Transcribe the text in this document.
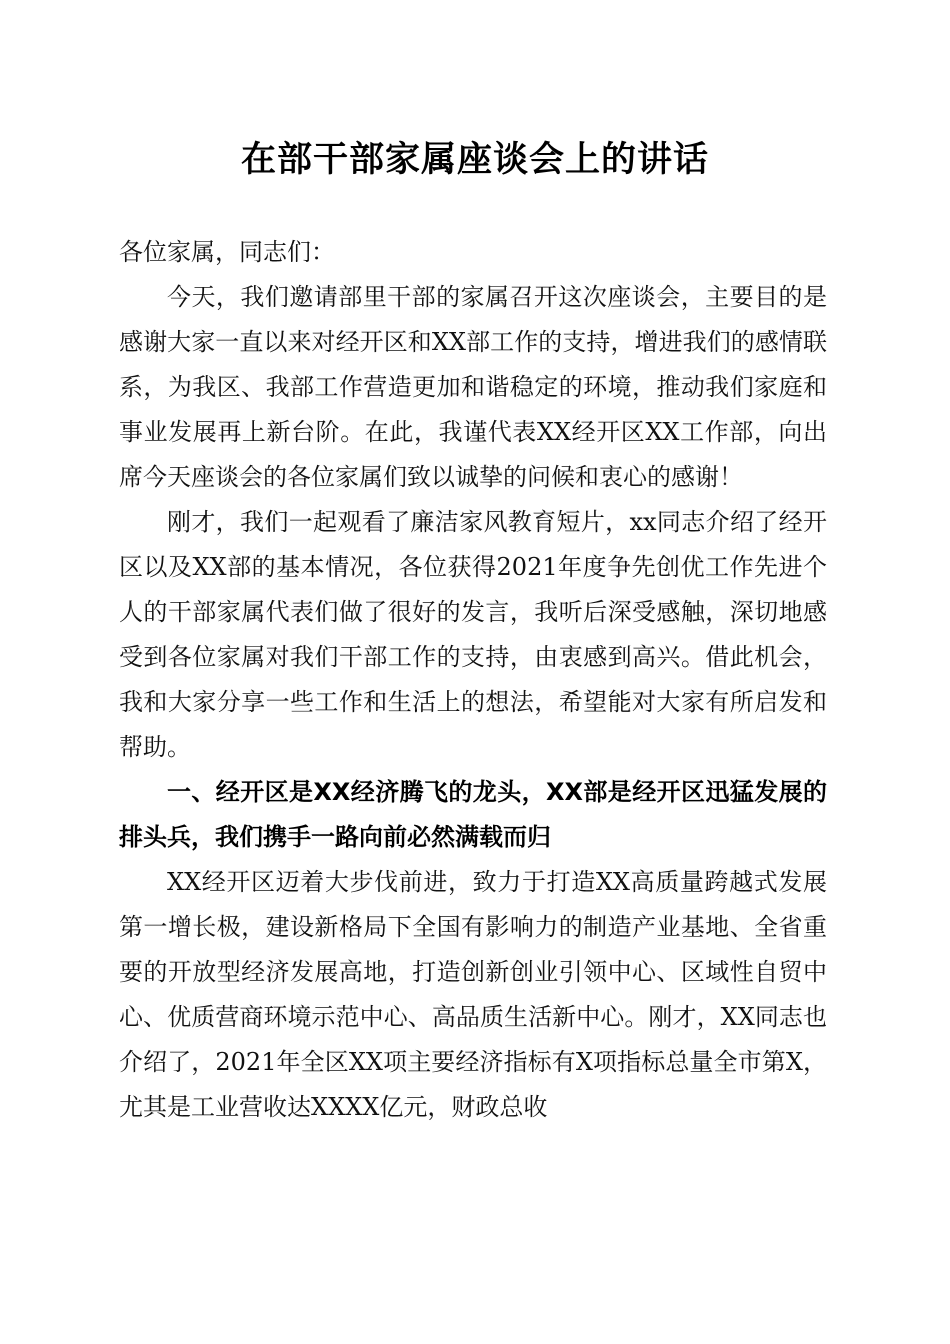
在部干部家属座谈会上的讲话

各位家属，同志们：

今天，我们邀请部里干部的家属召开这次座谈会，主要目的是感谢大家一直以来对经开区和XX部工作的支持，增进我们的感情联系，为我区、我部工作营造更加和谐稳定的环境，推动我们家庭和事业发展再上新台阶。在此，我谨代表XX经开区XX工作部，向出席今天座谈会的各位家属们致以诚挚的问候和衷心的感谢！

刚才，我们一起观看了廉洁家风教育短片，xx同志介绍了经开区以及XX部的基本情况，各位获得2021年度争先创优工作先进个人的干部家属代表们做了很好的发言，我听后深受感触，深切地感受到各位家属对我们干部工作的支持，由衷感到高兴。借此机会，我和大家分享一些工作和生活上的想法，希望能对大家有所启发和帮助。

一、经开区是XX经济腾飞的龙头，XX部是经开区迅猛发展的排头兵，我们携手一路向前必然满载而归

XX经开区迈着大步伐前进，致力于打造XX高质量跨越式发展第一增长极，建设新格局下全国有影响力的制造产业基地、全省重要的开放型经济发展高地，打造创新创业引领中心、区域性自贸中心、优质营商环境示范中心、高品质生活新中心。刚才，XX同志也介绍了，2021年全区XX项主要经济指标有X项指标总量全市第X，尤其是工业营收达XXXX亿元，财政总收
